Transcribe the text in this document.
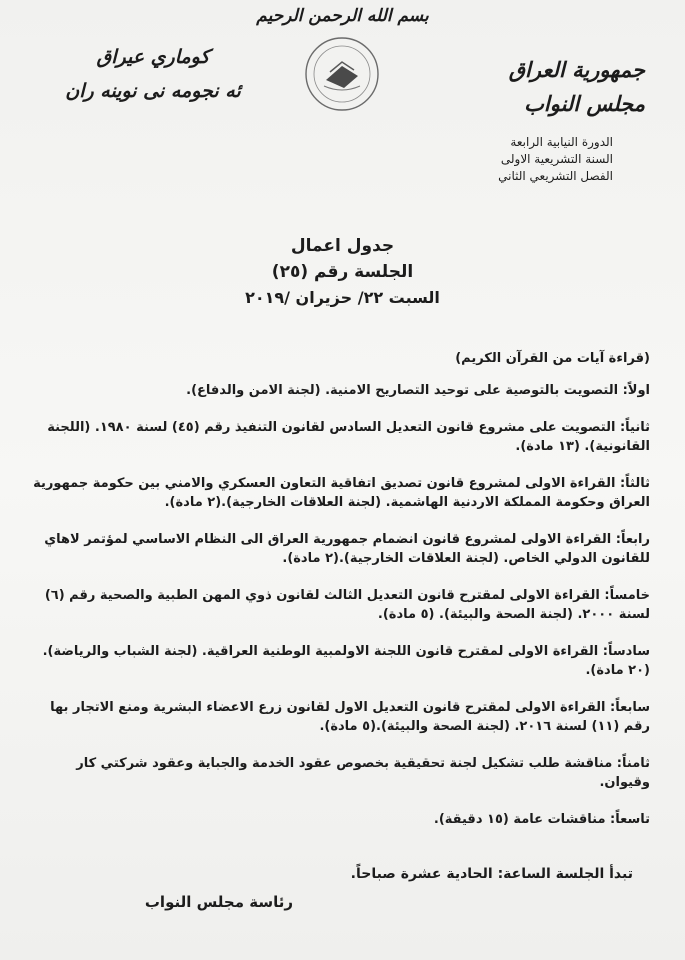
بسم الله الرحمن الرحيم
جمهورية العراق
مجلس النواب
كوماري عيراق
ئه نجومه نى نوينه ران
الدورة النيابية الرابعة
السنة التشريعية الاولى
الفصل التشريعي الثاني
جدول اعمال
الجلسة رقم (٢٥)
السبت ٢٢/ حزيران /٢٠١٩
(قراءة آيات من القرآن الكريم)
اولاً: التصويت بالتوصية على توحيد التصاريح الامنية. (لجنة الامن والدفاع).
ثانياً: التصويت على مشروع قانون التعديل السادس لقانون التنفيذ رقم (٤٥) لسنة ١٩٨٠. (اللجنة القانونية). (١٣ مادة).
ثالثاً: القراءة الاولى لمشروع قانون تصديق اتفاقية التعاون العسكري والامني بين حكومة جمهورية العراق وحكومة المملكة الاردنية الهاشمية. (لجنة العلاقات الخارجية).(٢ مادة).
رابعاً: القراءة الاولى لمشروع قانون انضمام جمهورية العراق الى النظام الاساسي لمؤتمر لاهاي للقانون الدولي الخاص. (لجنة العلاقات الخارجية).(٢ مادة).
خامساً: القراءة الاولى لمقترح قانون التعديل الثالث لقانون ذوي المهن الطبية والصحية رقم (٦) لسنة ٢٠٠٠. (لجنة الصحة والبيئة). (٥ مادة).
سادساً: القراءة الاولى لمقترح قانون اللجنة الاولمبية الوطنية العراقية. (لجنة الشباب والرياضة). (٢٠ مادة).
سابعاً: القراءة الاولى لمقترح قانون التعديل الاول لقانون زرع الاعضاء البشرية ومنع الاتجار بها رقم (١١) لسنة ٢٠١٦. (لجنة الصحة والبيئة).(٥ مادة).
ثامناً: مناقشة طلب تشكيل لجنة تحقيقية بخصوص عقود الخدمة والجباية وعقود شركتي كار وقيوان.
تاسعاً: مناقشات عامة (١٥ دقيقة).
تبدأ الجلسة الساعة: الحادية عشرة صباحاً.
رئاسة مجلس النواب
